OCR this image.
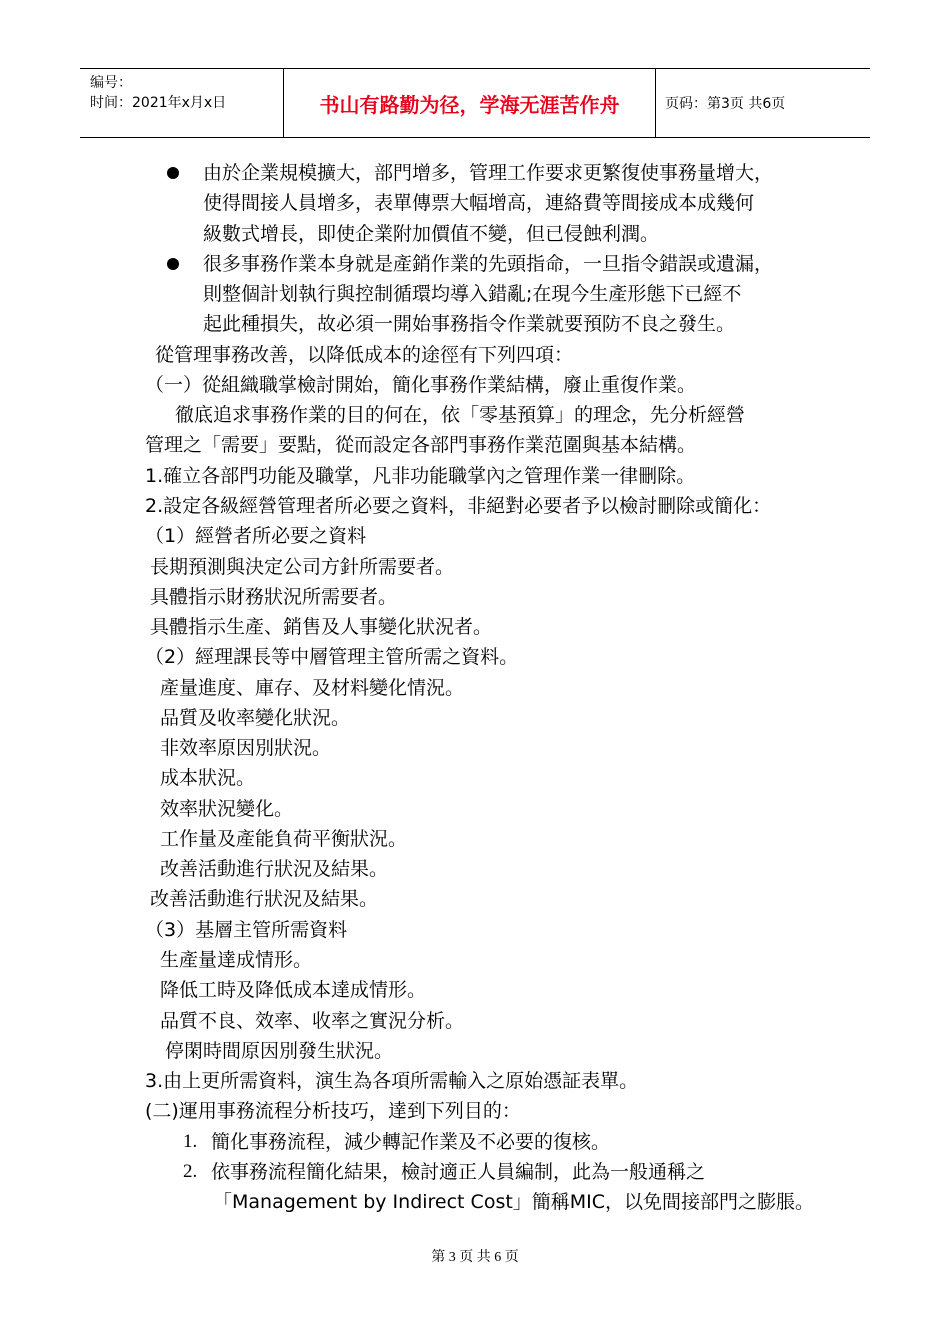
编号：
时间：2021年x月x日	书山有路勤为径，学海无涯苦作舟	页码：第3页 共6页
由於企業規模擴大，部門增多，管理工作要求更繁復使事務量增大，
使得間接人員增多，表單傳票大幅增高，連絡費等間接成本成幾何
級數式增長，即使企業附加價值不變，但已侵蝕利潤。
很多事務作業本身就是產銷作業的先頭指命，一旦指令錯誤或遺漏，
則整個計划執行與控制循環均導入錯亂;在現今生產形態下已經不
起此種損失，故必須一開始事務指令作業就要預防不良之發生。
從管理事務改善，以降低成本的途徑有下列四項：
（一）從組織職掌檢討開始，簡化事務作業結構，廢止重復作業。
徹底追求事務作業的目的何在，依「零基預算」的理念，先分析經營
管理之「需要」要點，從而設定各部門事務作業范圍與基本結構。
1.確立各部門功能及職掌，凡非功能職掌內之管理作業一律刪除。
2.設定各級經營管理者所必要之資料，非絕對必要者予以檢討刪除或簡化：
（1）經營者所必要之資料
長期預測與決定公司方針所需要者。
具體指示財務狀況所需要者。
具體指示生產、銷售及人事變化狀況者。
（2）經理課長等中層管理主管所需之資料。
產量進度、庫存、及材料變化情況。
品質及收率變化狀況。
非效率原因別狀況。
成本狀況。
效率狀況變化。
工作量及產能負荷平衡狀況。
改善活動進行狀況及結果。
改善活動進行狀況及結果。
（3）基層主管所需資料
生產量達成情形。
降低工時及降低成本達成情形。
品質不良、效率、收率之實況分析。
停閑時間原因別發生狀況。
3.由上更所需資料，演生為各項所需輸入之原始憑証表單。
(二)運用事務流程分析技巧，達到下列目的：
1. 簡化事務流程，減少轉記作業及不必要的復核。
2. 依事務流程簡化結果，檢討適正人員編制，此為一般通稱之
「Management by Indirect Cost」簡稱MIC，以免間接部門之膨脹。
第 3 页 共 6 页
